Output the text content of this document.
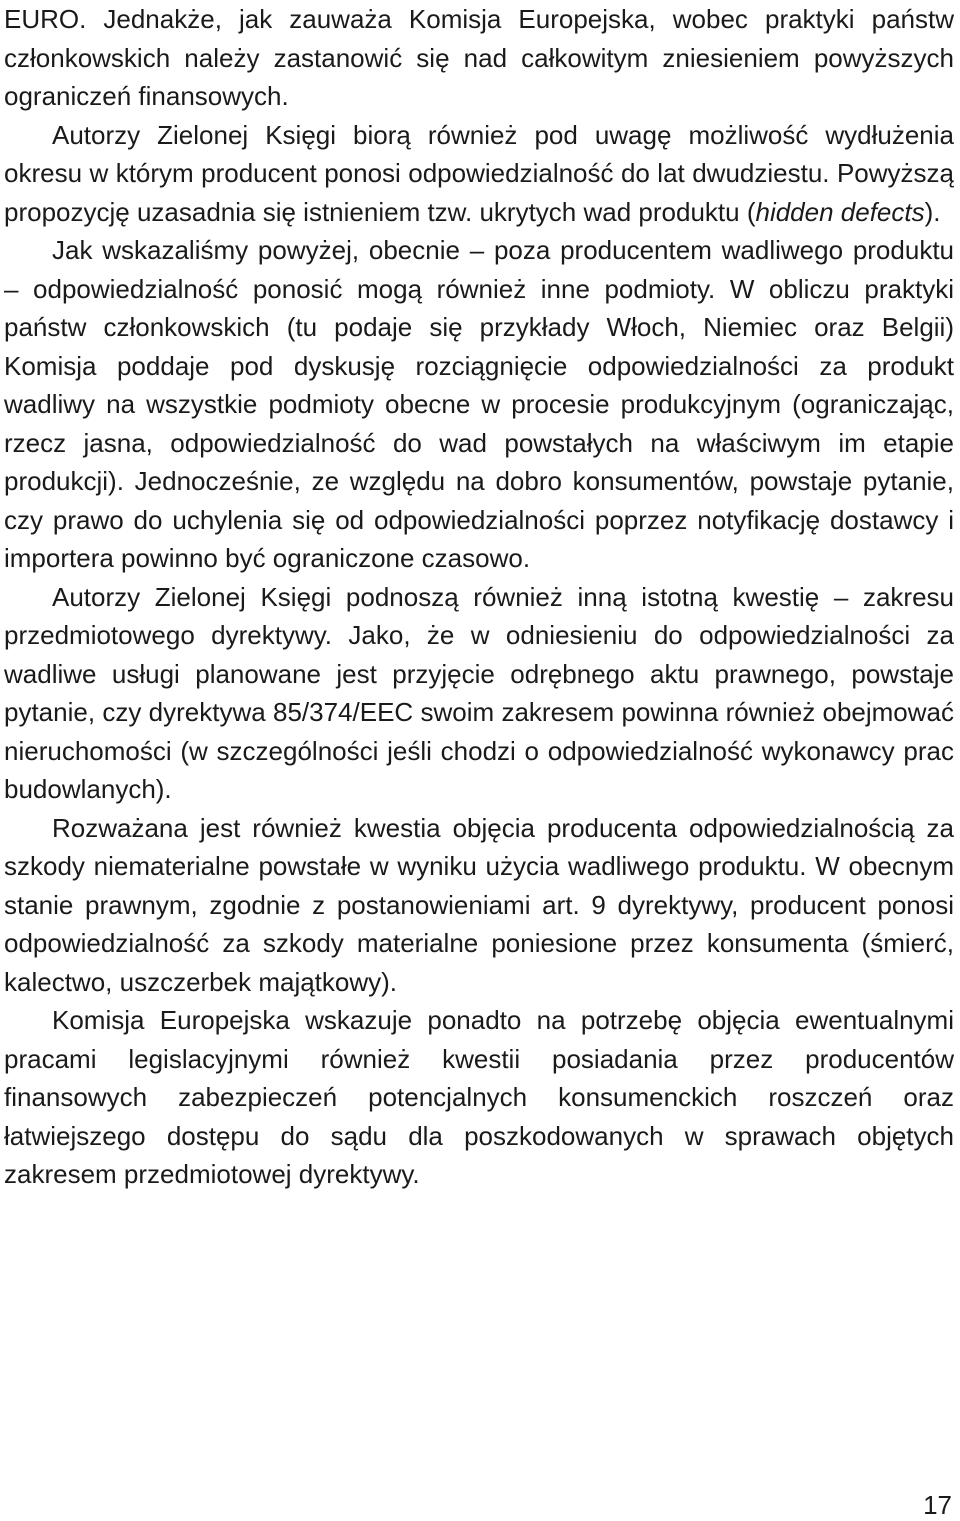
EURO. Jednakże, jak zauważa Komisja Europejska, wobec praktyki państw członkowskich należy zastanowić się nad całkowitym zniesieniem powyższych ograniczeń finansowych.

Autorzy Zielonej Księgi biorą również pod uwagę możliwość wydłużenia okresu w którym producent ponosi odpowiedzialność do lat dwudziestu. Powyższą propozycję uzasadnia się istnieniem tzw. ukrytych wad produktu (hidden defects).

Jak wskazaliśmy powyżej, obecnie – poza producentem wadliwego produktu – odpowiedzialność ponosić mogą również inne podmioty. W obliczu praktyki państw członkowskich (tu podaje się przykłady Włoch, Niemiec oraz Belgii) Komisja poddaje pod dyskusję rozciągnięcie odpowiedzialności za produkt wadliwy na wszystkie podmioty obecne w procesie produkcyjnym (ograniczając, rzecz jasna, odpowiedzialność do wad powstałych na właściwym im etapie produkcji). Jednocześnie, ze względu na dobro konsumentów, powstaje pytanie, czy prawo do uchylenia się od odpowiedzialności poprzez notyfikację dostawcy i importera powinno być ograniczone czasowo.

Autorzy Zielonej Księgi podnoszą również inną istotną kwestię – zakresu przedmiotowego dyrektywy. Jako, że w odniesieniu do odpowiedzialności za wadliwe usługi planowane jest przyjęcie odrębnego aktu prawnego, powstaje pytanie, czy dyrektywa 85/374/EEC swoim zakresem powinna również obejmować nieruchomości (w szczególności jeśli chodzi o odpowiedzialność wykonawcy prac budowlanych).

Rozważana jest również kwestia objęcia producenta odpowiedzialnością za szkody niematerialne powstałe w wyniku użycia wadliwego produktu. W obecnym stanie prawnym, zgodnie z postanowieniami art. 9 dyrektywy, producent ponosi odpowiedzialność za szkody materialne poniesione przez konsumenta (śmierć, kalectwo, uszczerbek majątkowy).

Komisja Europejska wskazuje ponadto na potrzebę objęcia ewentualnymi pracami legislacyjnymi również kwestii posiadania przez producentów finansowych zabezpieczeń potencjalnych konsumenckich roszczeń oraz łatwiejszego dostępu do sądu dla poszkodowanych w sprawach objętych zakresem przedmiotowej dyrektywy.

17
